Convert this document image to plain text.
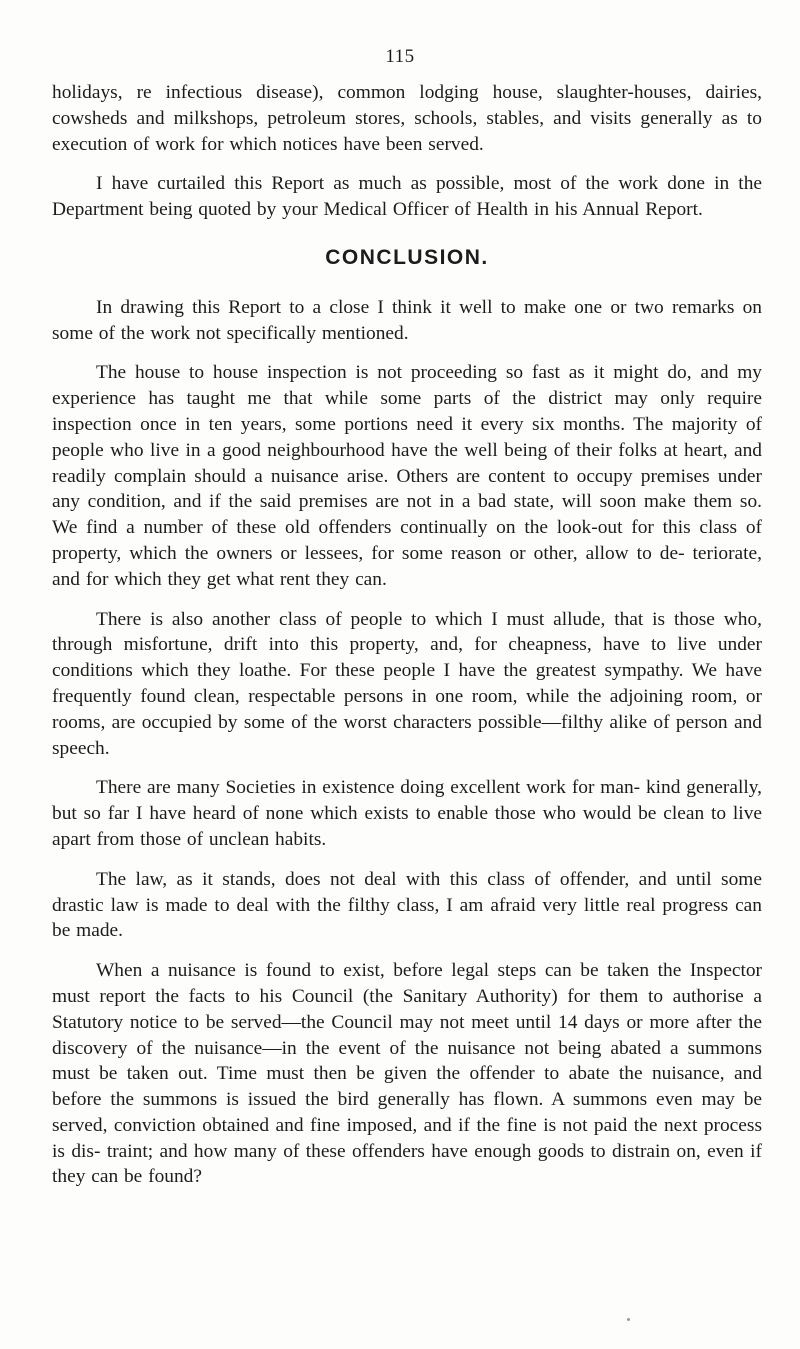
115

holidays, re infectious disease), common lodging house, slaughter-houses, dairies, cowsheds and milkshops, petroleum stores, schools, stables, and visits generally as to execution of work for which notices have been served.

I have curtailed this Report as much as possible, most of the work done in the Department being quoted by your Medical Officer of Health in his Annual Report.

CONCLUSION.

In drawing this Report to a close I think it well to make one or two remarks on some of the work not specifically mentioned.

The house to house inspection is not proceeding so fast as it might do, and my experience has taught me that while some parts of the district may only require inspection once in ten years, some portions need it every six months. The majority of people who live in a good neighbourhood have the well being of their folks at heart, and readily complain should a nuisance arise. Others are content to occupy premises under any condition, and if the said premises are not in a bad state, will soon make them so. We find a number of these old offenders continually on the look-out for this class of property, which the owners or lessees, for some reason or other, allow to de- teriorate, and for which they get what rent they can.

There is also another class of people to which I must allude, that is those who, through misfortune, drift into this property, and, for cheapness, have to live under conditions which they loathe. For these people I have the greatest sympathy. We have frequently found clean, respectable persons in one room, while the adjoining room, or rooms, are occupied by some of the worst characters possible—filthy alike of person and speech.

There are many Societies in existence doing excellent work for man- kind generally, but so far I have heard of none which exists to enable those who would be clean to live apart from those of unclean habits.

The law, as it stands, does not deal with this class of offender, and until some drastic law is made to deal with the filthy class, I am afraid very little real progress can be made.

When a nuisance is found to exist, before legal steps can be taken the Inspector must report the facts to his Council (the Sanitary Authority) for them to authorise a Statutory notice to be served—the Council may not meet until 14 days or more after the discovery of the nuisance—in the event of the nuisance not being abated a summons must be taken out. Time must then be given the offender to abate the nuisance, and before the summons is issued the bird generally has flown. A summons even may be served, conviction obtained and fine imposed, and if the fine is not paid the next process is dis- traint; and how many of these offenders have enough goods to distrain on, even if they can be found?
